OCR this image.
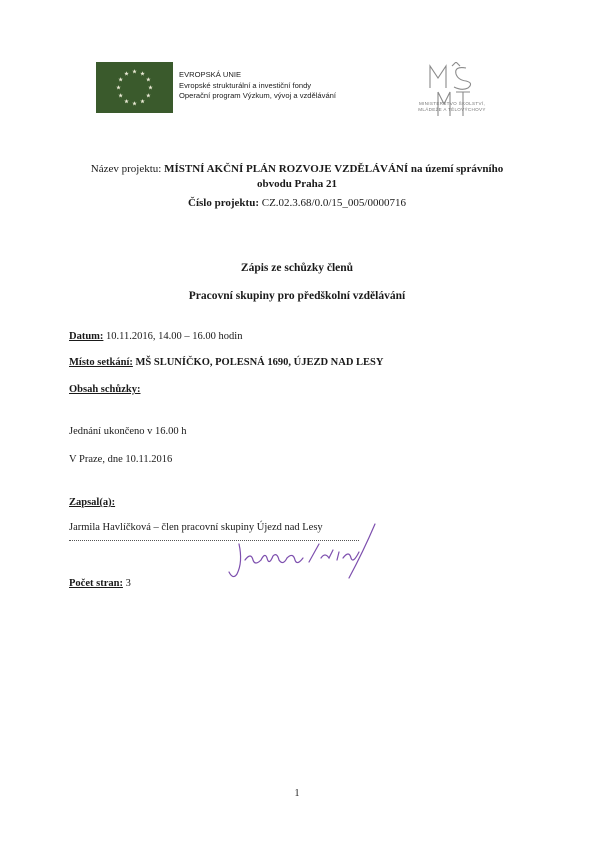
EVROPSKÁ UNIE
Evropské strukturální a investiční fondy
Operační program Výzkum, vývoj a vzdělávání
MINISTERSTVO ŠKOLSTVÍ,
MLÁDEŽE A TĚLOVÝCHOVY
Název projektu: MÍSTNÍ AKČNÍ PLÁN ROZVOJE VZDĚLÁVÁNÍ na území správního
obvodu Praha 21
Číslo projektu: CZ.02.3.68/0.0/15_005/0000716
Zápis ze schůzky členů
Pracovní skupiny pro předškolní vzdělávání
Datum: 10.11.2016, 14.00 – 16.00 hodin
Místo setkání: MŠ SLUNÍČKO, POLESNÁ 1690, ÚJEZD NAD LESY
Obsah schůzky:
Jednání ukončeno v 16.00 h
V Praze, dne 10.11.2016
Zapsal(a):
Jarmila Havlíčková – člen pracovní skupiny Újezd nad Lesy
Počet stran: 3
1
